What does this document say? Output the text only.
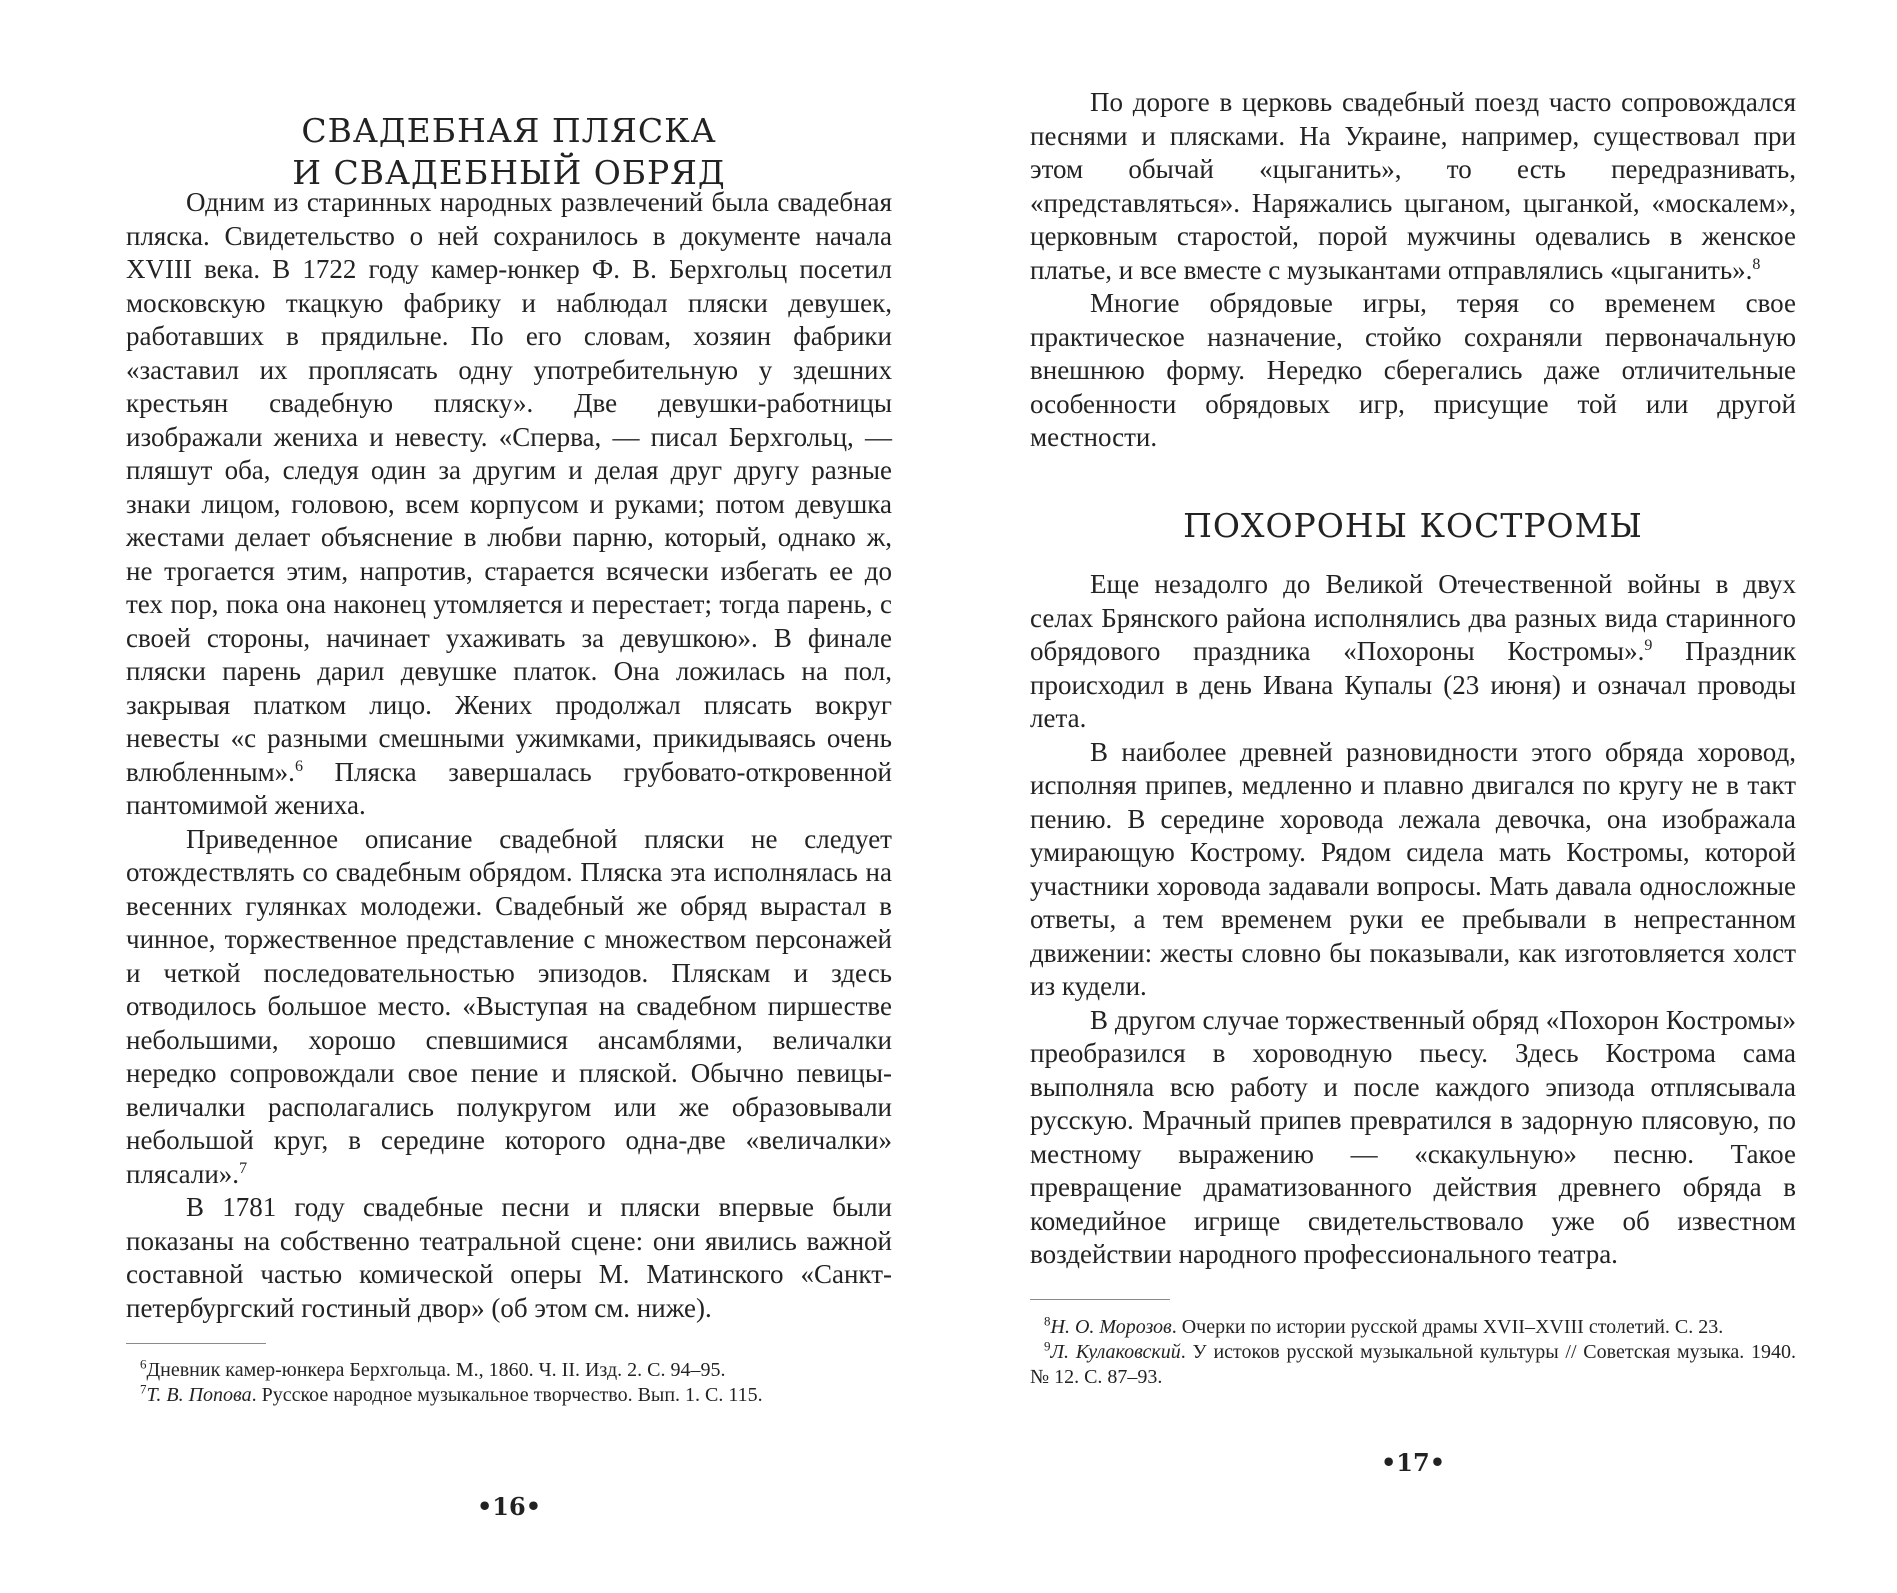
СВАДЕБНАЯ ПЛЯСКА
И СВАДЕБНЫЙ ОБРЯД

Одним из старинных народных развлечений была свадебная пляска. Свидетельство о ней сохранилось в документе начала XVIII века. В 1722 году камер-юнкер Ф. В. Берхгольц посетил московскую ткацкую фабрику и наблюдал пляски девушек, работавших в прядильне. По его словам, хозяин фабрики «заставил их проплясать одну употребительную у здешних крестьян свадебную пляску». Две девушки-работницы изображали жениха и невесту. «Сперва, — писал Берхгольц, — пляшут оба, следуя один за другим и делая друг другу разные знаки лицом, головою, всем корпусом и руками; потом девушка жестами делает объяснение в любви парню, который, однако ж, не трогается этим, напротив, старается всячески избегать ее до тех пор, пока она наконец утомляется и перестает; тогда парень, с своей стороны, начинает ухаживать за девушкою». В финале пляски парень дарил девушке платок. Она ложилась на пол, закрывая платком лицо. Жених продолжал плясать вокруг невесты «с разными смешными ужимками, прикидываясь очень влюбленным».$^6$ Пляска завершалась грубовато-откровенной пантомимой жениха.

Приведенное описание свадебной пляски не следует отождествлять со свадебным обрядом. Пляска эта исполнялась на весенних гулянках молодежи. Свадебный же обряд вырастал в чинное, торжественное представление с множеством персонажей и четкой последовательностью эпизодов. Пляскам и здесь отводилось большое место. «Выступая на свадебном пиршестве небольшими, хорошо спевшимися ансамблями, величалки нередко сопровождали свое пение и пляской. Обычно певицы-величалки располагались полукругом или же образовывали небольшой круг, в середине которого одна-две «величалки» плясали».$^7$

В 1781 году свадебные песни и пляски впервые были показаны на собственно театральной сцене: они явились важной составной частью комической оперы М. Матинского «Санкт-петербургский гостиный двор» (об этом см. ниже).

$^6$Дневник камер-юнкера Берхгольца. М., 1860. Ч. II. Изд. 2. С. 94–95.

$^7$Т. В. Попова. Русское народное музыкальное творчество. Вып. 1. С. 115.

•16•

По дороге в церковь свадебный поезд часто сопровождался песнями и плясками. На Украине, например, существовал при этом обычай «цыганить», то есть передразнивать, «представляться». Наряжались цыганом, цыганкой, «москалем», церковным старостой, порой мужчины одевались в женское платье, и все вместе с музыкантами отправлялись «цыганить».$^8$

Многие обрядовые игры, теряя со временем свое практическое назначение, стойко сохраняли первоначальную внешнюю форму. Нередко сберегались даже отличительные особенности обрядовых игр, присущие той или другой местности.

ПОХОРОНЫ КОСТРОМЫ

Еще незадолго до Великой Отечественной войны в двух селах Брянского района исполнялись два разных вида старинного обрядового праздника «Похороны Костромы».$^9$ Праздник происходил в день Ивана Купалы (23 июня) и означал проводы лета.

В наиболее древней разновидности этого обряда хоровод, исполняя припев, медленно и плавно двигался по кругу не в такт пению. В середине хоровода лежала девочка, она изображала умирающую Кострому. Рядом сидела мать Костромы, которой участники хоровода задавали вопросы. Мать давала односложные ответы, а тем временем руки ее пребывали в непрестанном движении: жесты словно бы показывали, как изготовляется холст из кудели.

В другом случае торжественный обряд «Похорон Костромы» преобразился в хороводную пьесу. Здесь Кострома сама выполняла всю работу и после каждого эпизода отплясывала русскую. Мрачный припев превратился в задорную плясовую, по местному выражению — «скакульную» песню. Такое превращение драматизованного действия древнего обряда в комедийное игрище свидетельствовало уже об известном воздействии народного профессионального театра.

$^8$Н. О. Морозов. Очерки по истории русской драмы XVII–XVIII столетий. С. 23.

$^9$Л. Кулаковский. У истоков русской музыкальной культуры // Советская музыка. 1940. № 12. С. 87–93.

•17•
